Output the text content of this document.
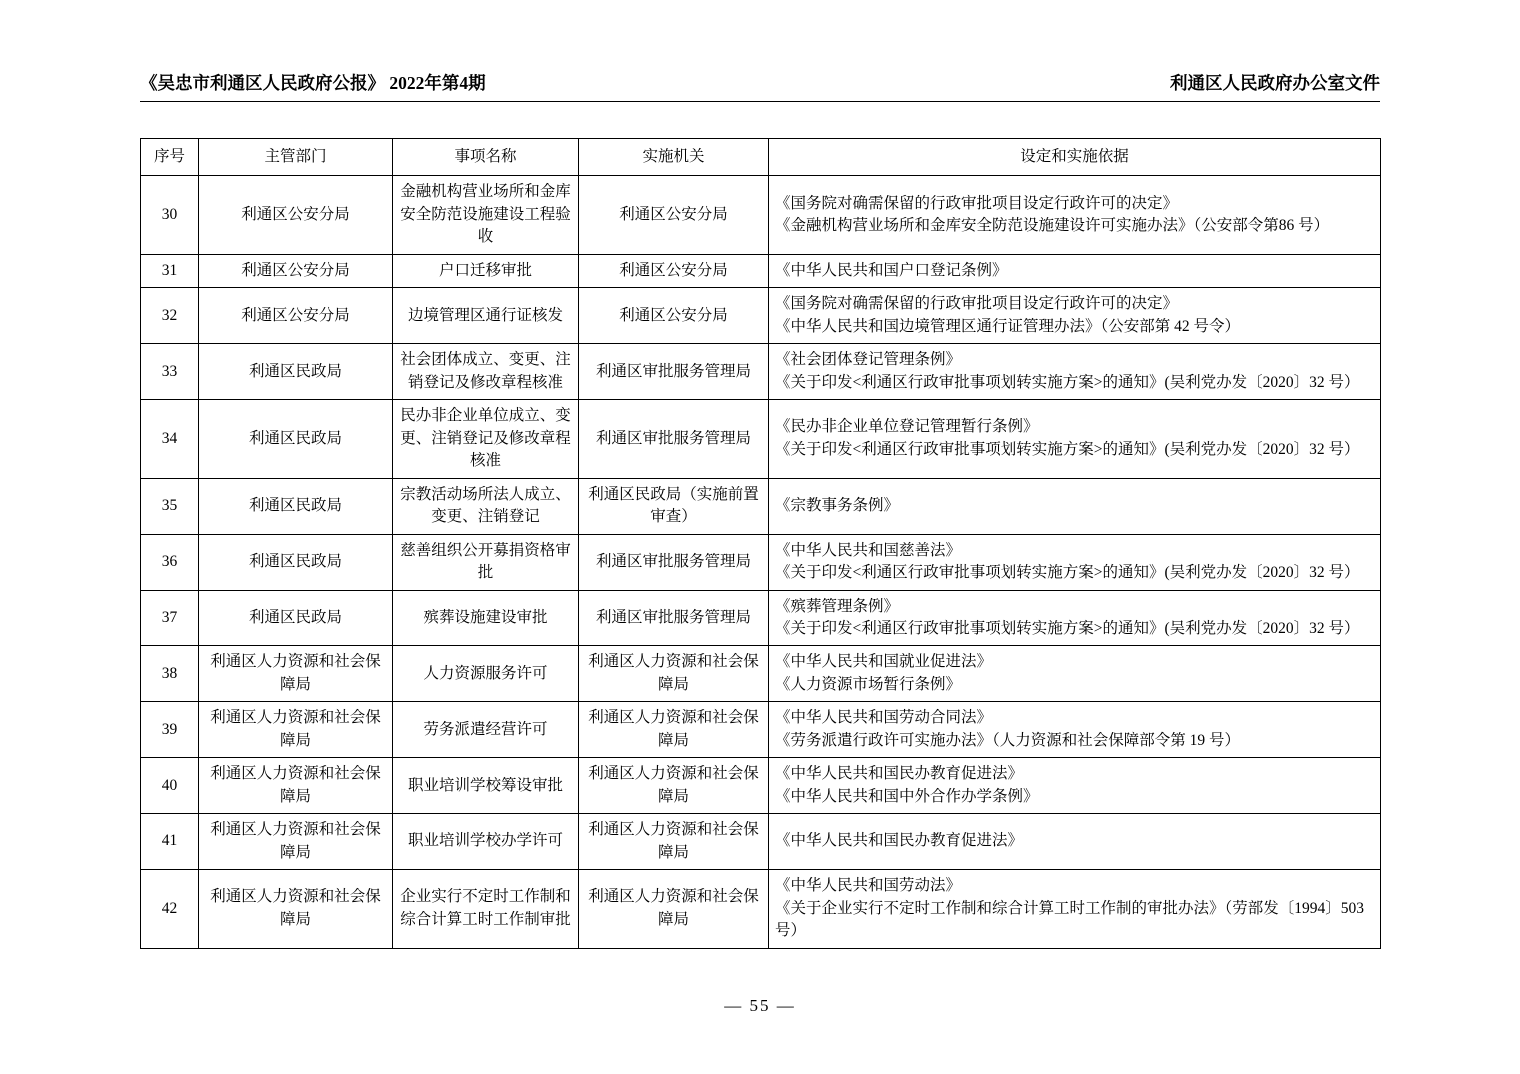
《吴忠市利通区人民政府公报》 2022年第4期	利通区人民政府办公室文件
序号	主管部门	事项名称	实施机关	设定和实施依据
30	利通区公安分局	金融机构营业场所和金库安全防范设施建设工程验收	利通区公安分局	《国务院对确需保留的行政审批项目设定行政许可的决定》
《金融机构营业场所和金库安全防范设施建设许可实施办法》（公安部令第86 号）

31	利通区公安分局	户口迁移审批	利通区公安分局	《中华人民共和国户口登记条例》

32	利通区公安分局	边境管理区通行证核发	利通区公安分局	《国务院对确需保留的行政审批项目设定行政许可的决定》
《中华人民共和国边境管理区通行证管理办法》（公安部第 42 号令）

33	利通区民政局	社会团体成立、变更、注销登记及修改章程核准	利通区审批服务管理局	《社会团体登记管理条例》
《关于印发<利通区行政审批事项划转实施方案>的通知》(吴利党办发〔2020〕32 号）

34	利通区民政局	民办非企业单位成立、变更、注销登记及修改章程核准	利通区审批服务管理局	《民办非企业单位登记管理暂行条例》
《关于印发<利通区行政审批事项划转实施方案>的通知》(吴利党办发〔2020〕32 号）

35	利通区民政局	宗教活动场所法人成立、变更、注销登记	利通区民政局（实施前置审查）	《宗教事务条例》

36	利通区民政局	慈善组织公开募捐资格审批	利通区审批服务管理局	《中华人民共和国慈善法》
《关于印发<利通区行政审批事项划转实施方案>的通知》(吴利党办发〔2020〕32 号）

37	利通区民政局	殡葬设施建设审批	利通区审批服务管理局	《殡葬管理条例》
《关于印发<利通区行政审批事项划转实施方案>的通知》(吴利党办发〔2020〕32 号）

38	利通区人力资源和社会保障局	人力资源服务许可	利通区人力资源和社会保障局	《中华人民共和国就业促进法》
《人力资源市场暂行条例》

39	利通区人力资源和社会保障局	劳务派遣经营许可	利通区人力资源和社会保障局	《中华人民共和国劳动合同法》
《劳务派遣行政许可实施办法》（人力资源和社会保障部令第 19 号）

40	利通区人力资源和社会保障局	职业培训学校筹设审批	利通区人力资源和社会保障局	《中华人民共和国民办教育促进法》
《中华人民共和国中外合作办学条例》

41	利通区人力资源和社会保障局	职业培训学校办学许可	利通区人力资源和社会保障局	《中华人民共和国民办教育促进法》

42	利通区人力资源和社会保障局	企业实行不定时工作制和综合计算工时工作制审批	利通区人力资源和社会保障局	《中华人民共和国劳动法》
《关于企业实行不定时工作制和综合计算工时工作制的审批办法》（劳部发〔1994〕503 号）
— 55 —
